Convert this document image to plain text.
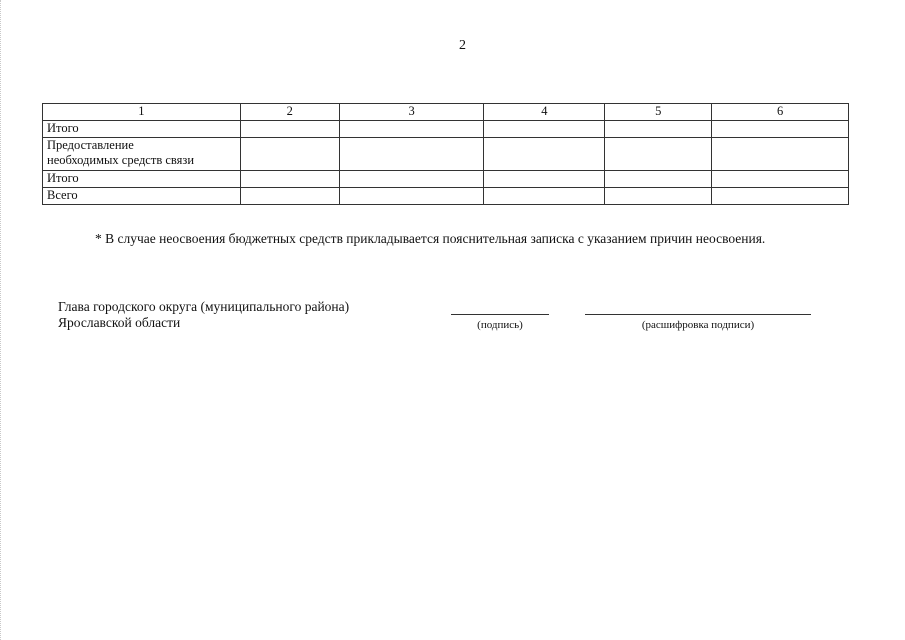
2
1	2	3	4	5	6
Итого					

Предоставление
необходимых средств связи					

Итого					
Всего					
* В случае неосвоения бюджетных средств прикладывается пояснительная записка с указанием причин неосвоения.
Глава городского округа (муниципального района)
Ярославской области	(подпись)	(расшифровка подписи)
